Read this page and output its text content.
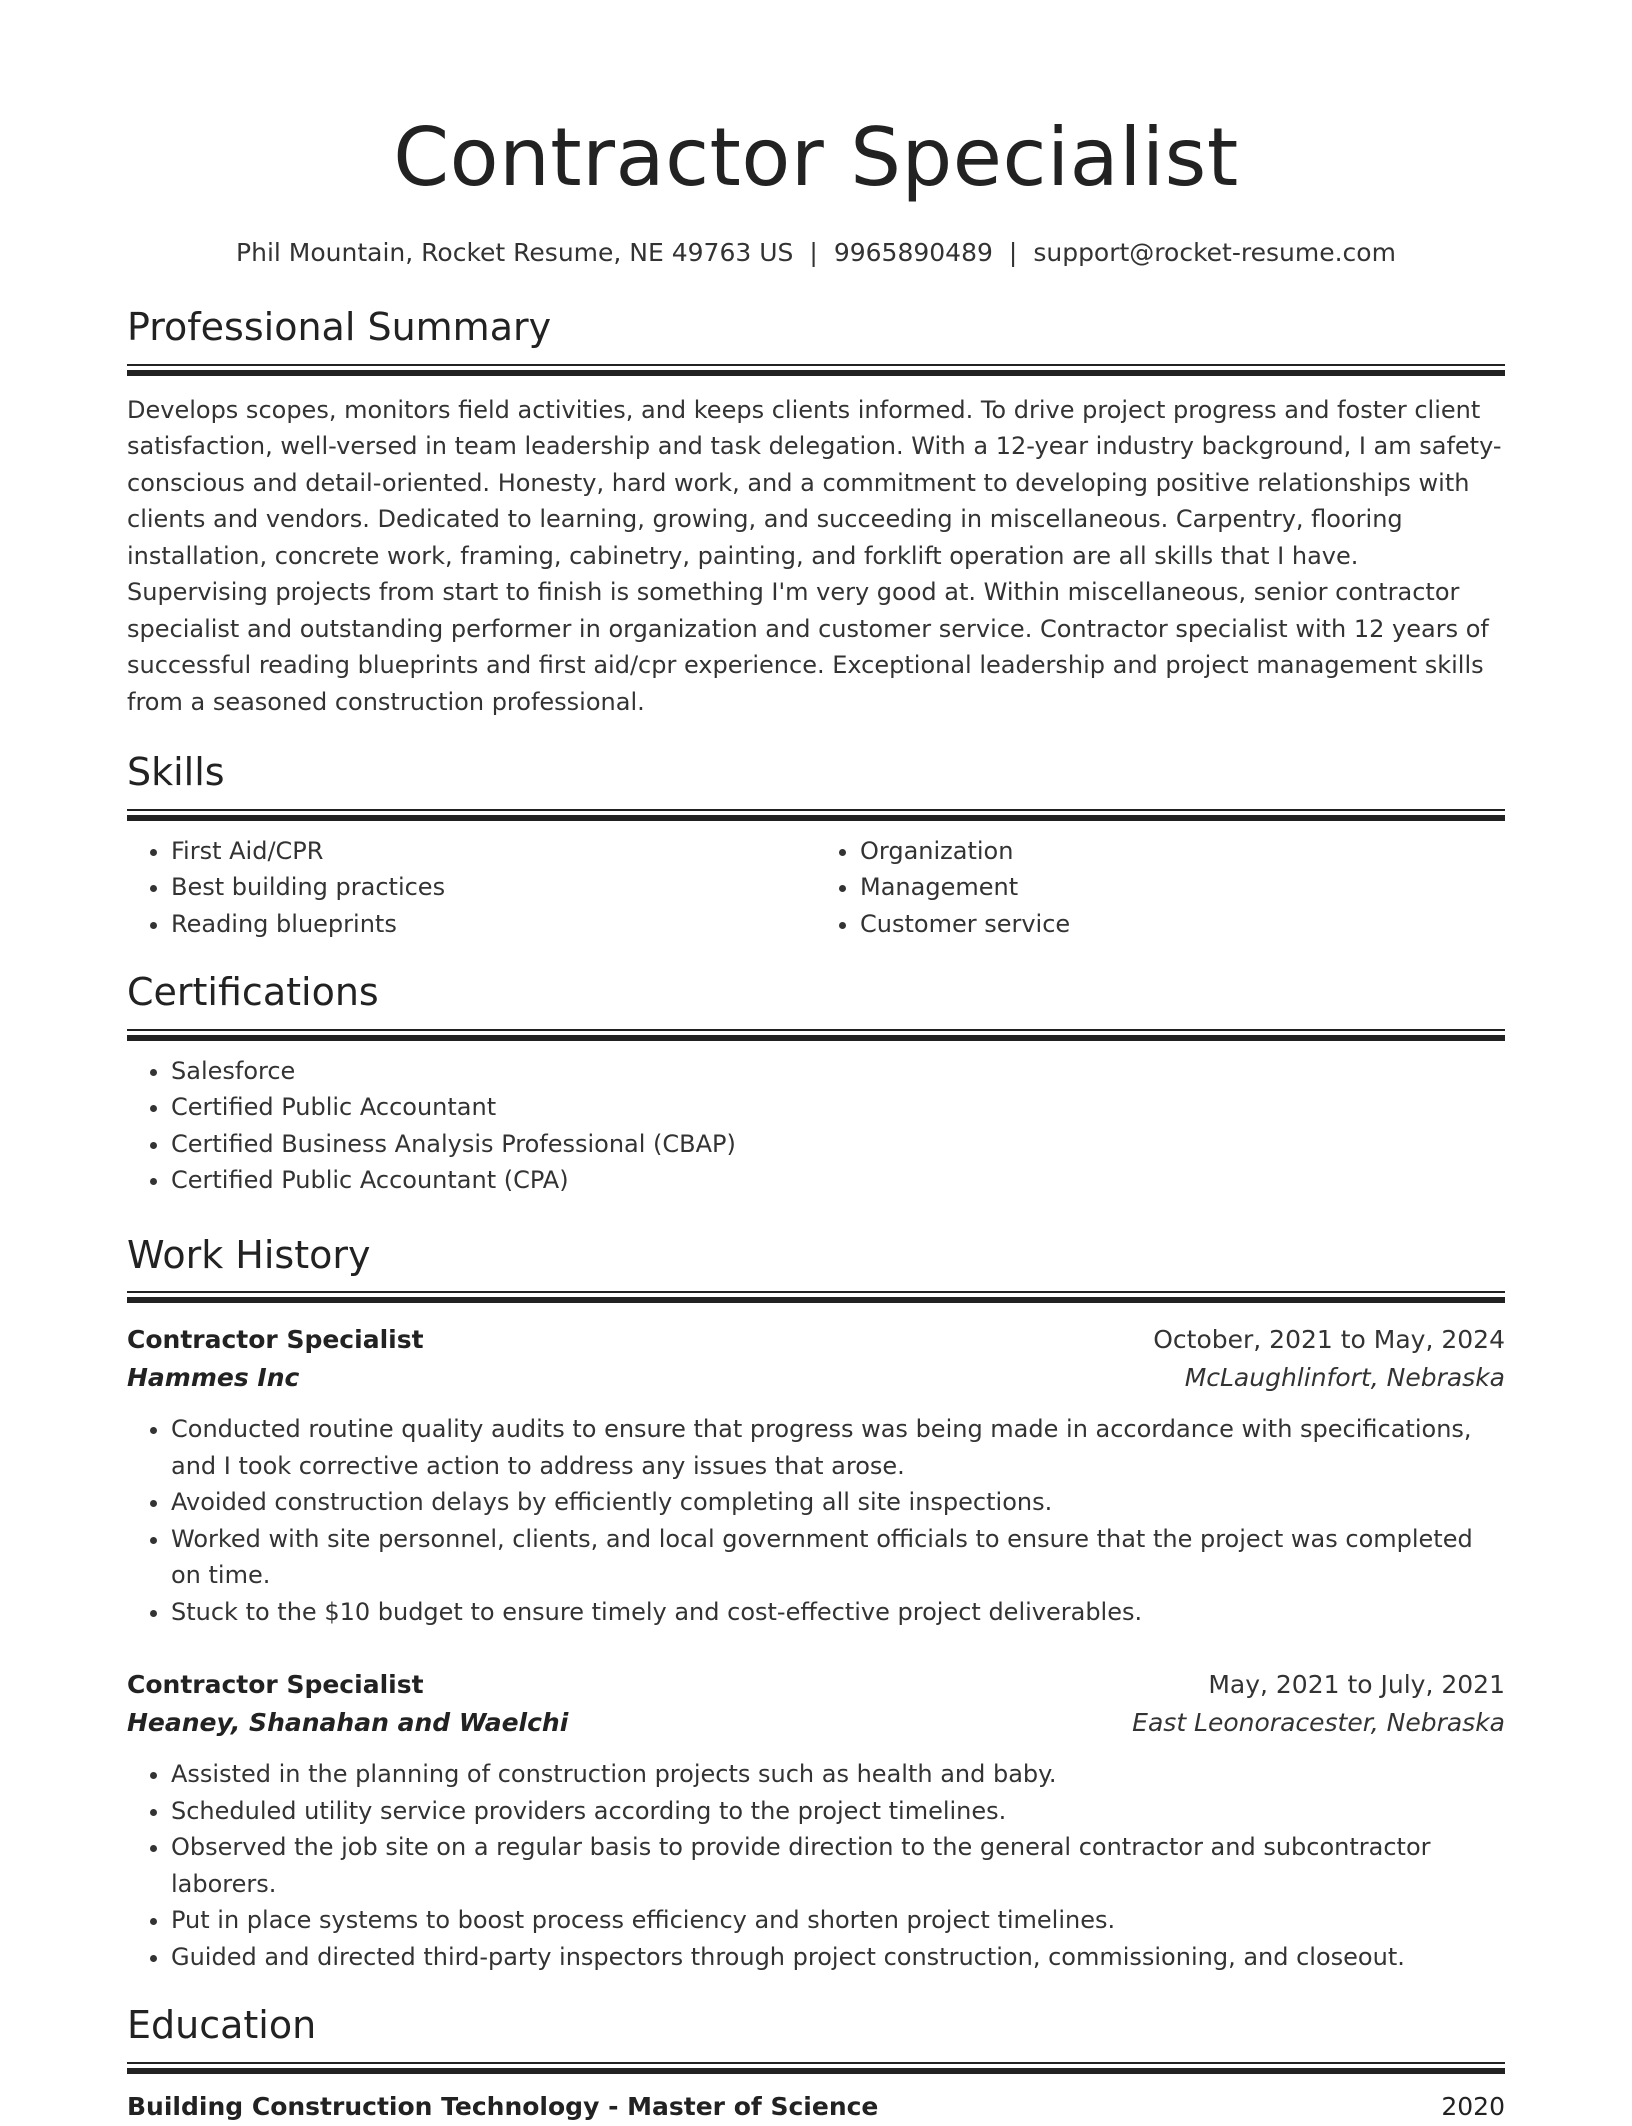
Contractor Specialist
Phil Mountain, Rocket Resume, NE 49763 US | 9965890489 | support@rocket-resume.com
Professional Summary
Develops scopes, monitors field activities, and keeps clients informed. To drive project progress and foster client satisfaction, well-versed in team leadership and task delegation. With a 12-year industry background, I am safety-conscious and detail-oriented. Honesty, hard work, and a commitment to developing positive relationships with clients and vendors. Dedicated to learning, growing, and succeeding in miscellaneous. Carpentry, flooring installation, concrete work, framing, cabinetry, painting, and forklift operation are all skills that I have. Supervising projects from start to finish is something I'm very good at. Within miscellaneous, senior contractor specialist and outstanding performer in organization and customer service. Contractor specialist with 12 years of successful reading blueprints and first aid/cpr experience. Exceptional leadership and project management skills from a seasoned construction professional.
Skills
• First Aid/CPR
• Best building practices
• Reading blueprints
• Organization
• Management
• Customer service
Certifications
• Salesforce
• Certified Public Accountant
• Certified Business Analysis Professional (CBAP)
• Certified Public Accountant (CPA)
Work History
Contractor Specialist	October, 2021 to May, 2024
Hammes Inc	McLaughlinfort, Nebraska
• Conducted routine quality audits to ensure that progress was being made in accordance with specifications, and I took corrective action to address any issues that arose.
• Avoided construction delays by efficiently completing all site inspections.
• Worked with site personnel, clients, and local government officials to ensure that the project was completed on time.
• Stuck to the $10 budget to ensure timely and cost-effective project deliverables.
Contractor Specialist	May, 2021 to July, 2021
Heaney, Shanahan and Waelchi	East Leonoracester, Nebraska
• Assisted in the planning of construction projects such as health and baby.
• Scheduled utility service providers according to the project timelines.
• Observed the job site on a regular basis to provide direction to the general contractor and subcontractor laborers.
• Put in place systems to boost process efficiency and shorten project timelines.
• Guided and directed third-party inspectors through project construction, commissioning, and closeout.
Education
Building Construction Technology - Master of Science	2020
